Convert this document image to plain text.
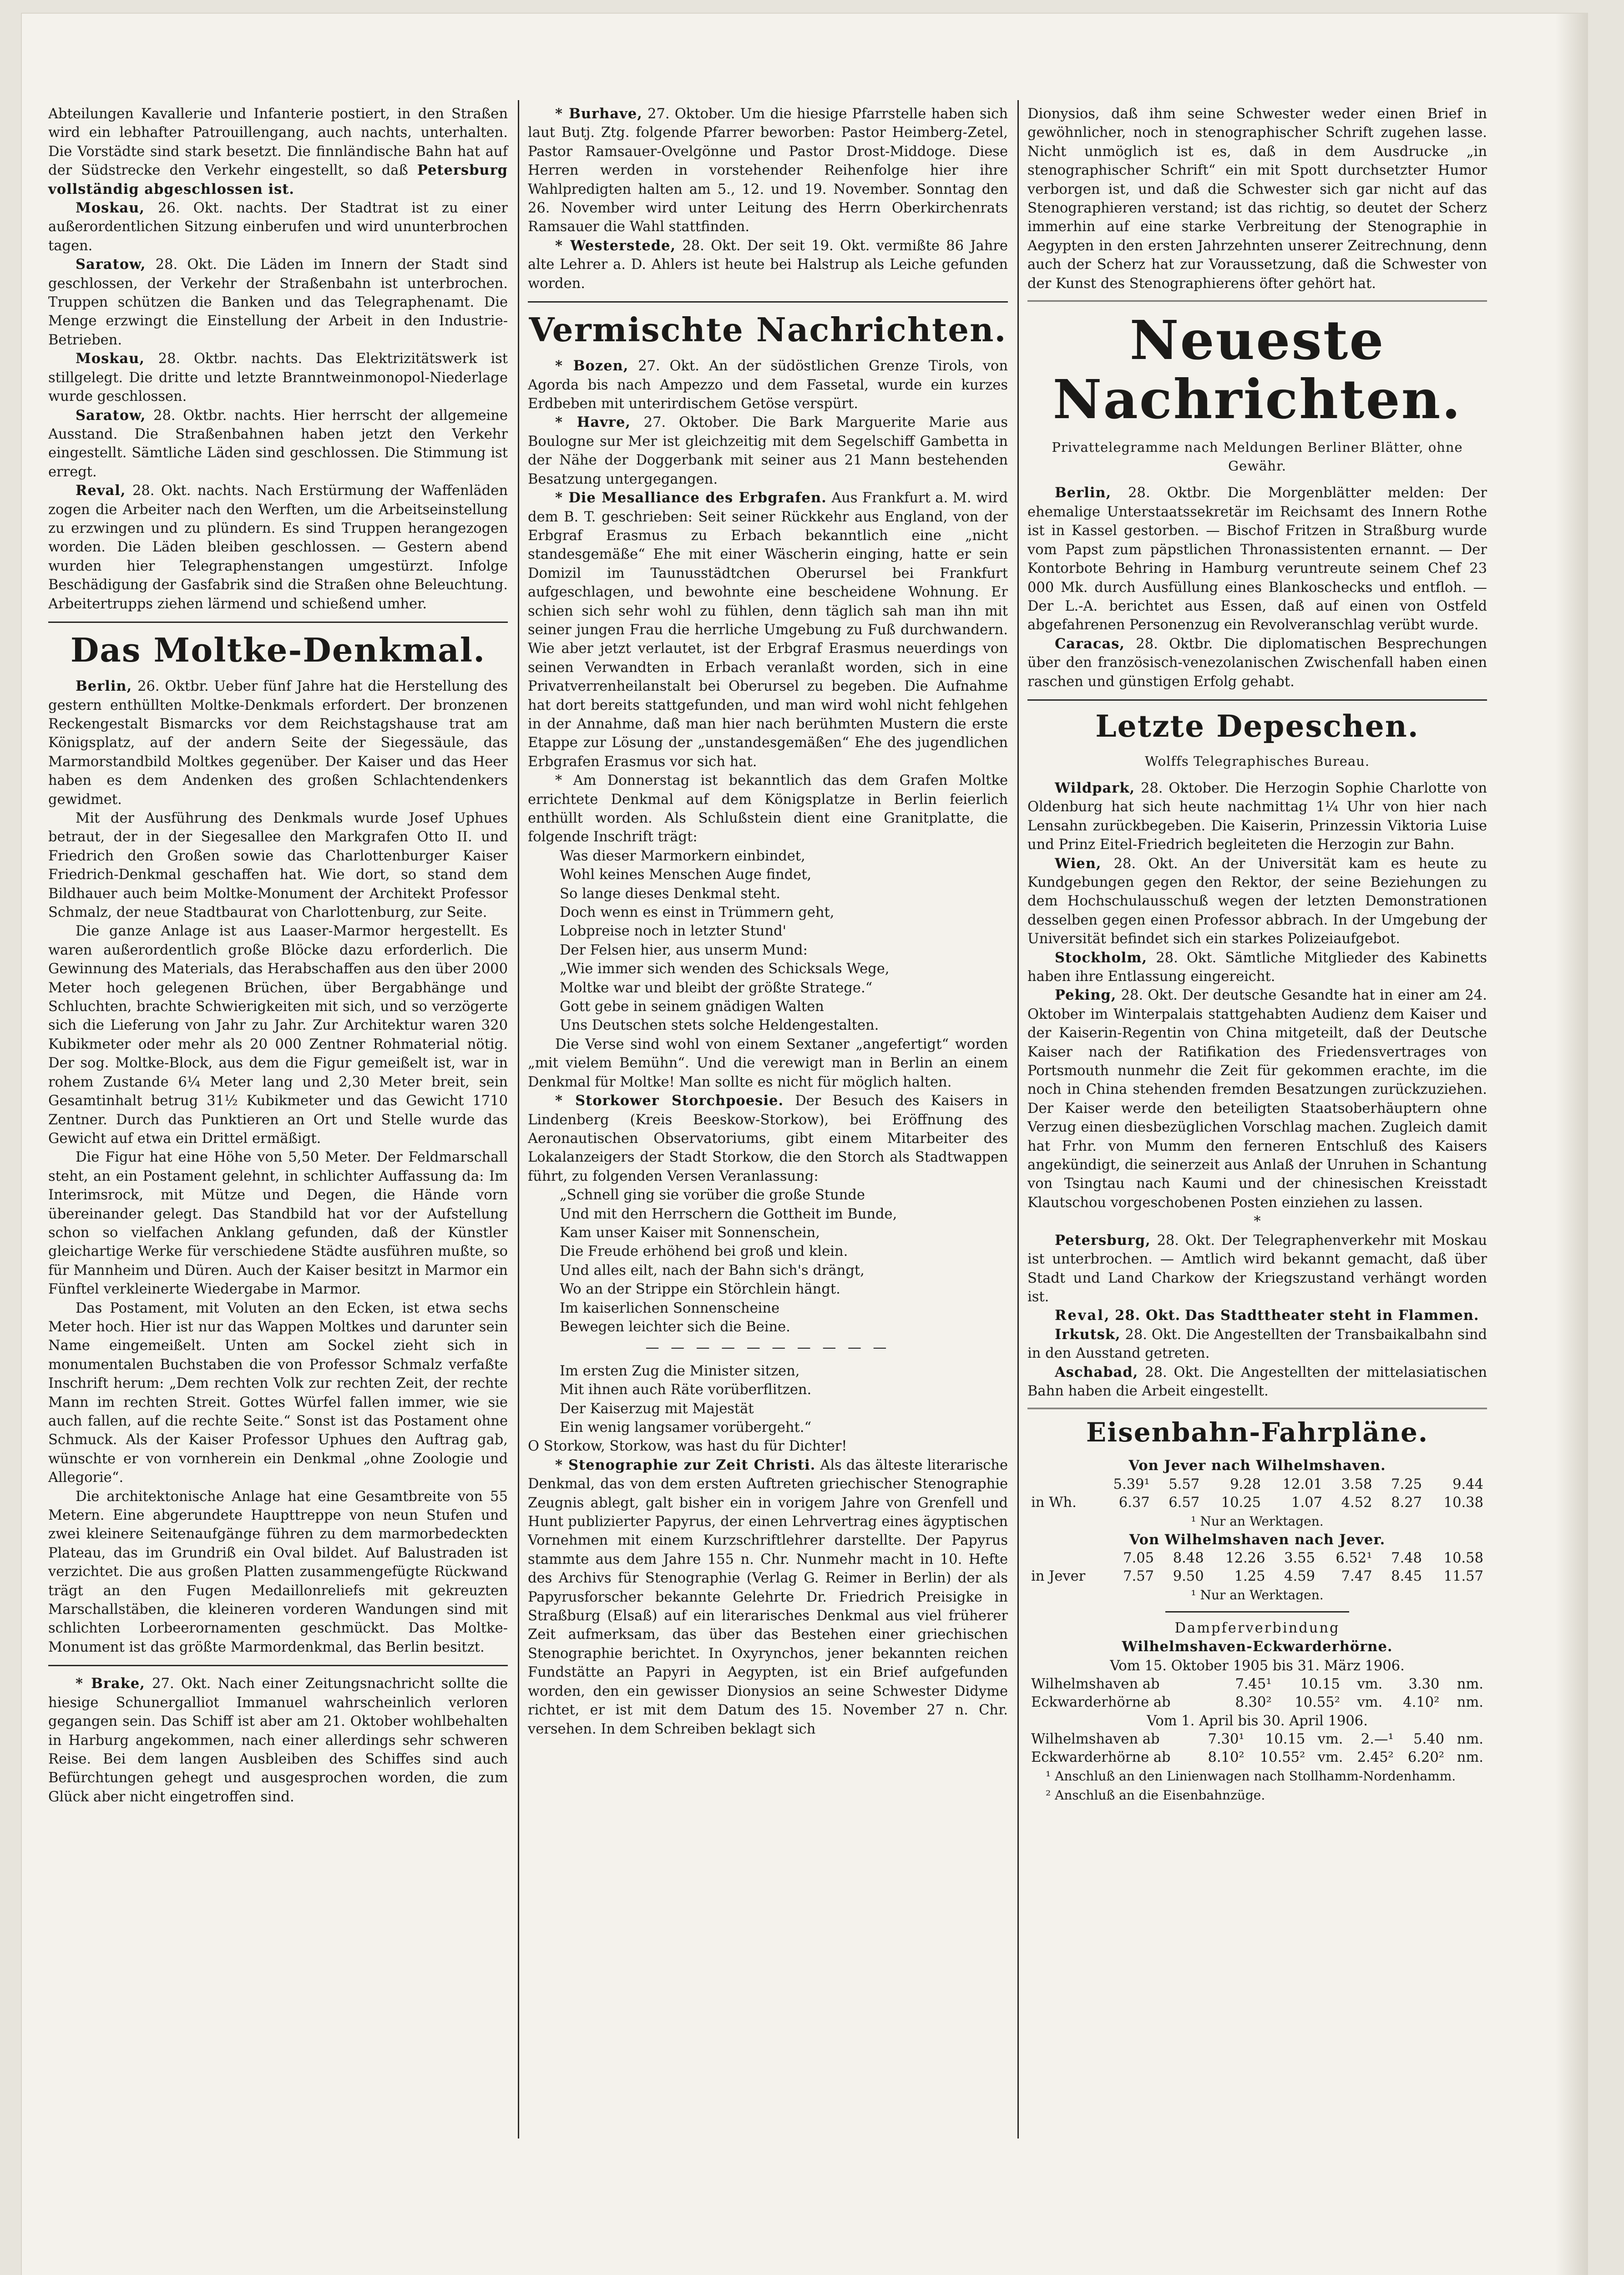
Abteilungen Kavallerie und Infanterie postiert, in den Straßen wird ein lebhafter Patrouillengang, auch nachts, unterhalten. Die Vorstädte sind stark besetzt. Die finnländische Bahn hat auf der Südstrecke den Verkehr eingestellt, so daß Petersburg vollständig abgeschlossen ist.

Moskau, 26. Okt. nachts. Der Stadtrat ist zu einer außerordentlichen Sitzung einberufen und wird ununterbrochen tagen.

Saratow, 28. Okt. Die Läden im Innern der Stadt sind geschlossen, der Verkehr der Straßenbahn ist unterbrochen. Truppen schützen die Banken und das Telegraphenamt. Die Menge erzwingt die Einstellung der Arbeit in den Industrie-Betrieben.

Moskau, 28. Oktbr. nachts. Das Elektrizitätswerk ist stillgelegt. Die dritte und letzte Branntweinmonopol-Niederlage wurde geschlossen.

Saratow, 28. Oktbr. nachts. Hier herrscht der allgemeine Ausstand. Die Straßenbahnen haben jetzt den Verkehr eingestellt. Sämtliche Läden sind geschlossen. Die Stimmung ist erregt.

Reval, 28. Okt. nachts. Nach Erstürmung der Waffenläden zogen die Arbeiter nach den Werften, um die Arbeitseinstellung zu erzwingen und zu plündern. Es sind Truppen herangezogen worden. Die Läden bleiben geschlossen. — Gestern abend wurden hier Telegraphenstangen umgestürzt. Infolge Beschädigung der Gasfabrik sind die Straßen ohne Beleuchtung. Arbeitertrupps ziehen lärmend und schießend umher.

Das Moltke-Denkmal.

Berlin, 26. Oktbr. Ueber fünf Jahre hat die Herstellung des gestern enthüllten Moltke-Denkmals erfordert. Der bronzenen Reckengestalt Bismarcks vor dem Reichstagshause trat am Königsplatz, auf der andern Seite der Siegessäule, das Marmorstandbild Moltkes gegenüber. Der Kaiser und das Heer haben es dem Andenken des großen Schlachtendenkers gewidmet.

Mit der Ausführung des Denkmals wurde Josef Uphues betraut, der in der Siegesallee den Markgrafen Otto II. und Friedrich den Großen sowie das Charlottenburger Kaiser Friedrich-Denkmal geschaffen hat. Wie dort, so stand dem Bildhauer auch beim Moltke-Monument der Architekt Professor Schmalz, der neue Stadtbaurat von Charlottenburg, zur Seite.

Die ganze Anlage ist aus Laaser-Marmor hergestellt. Es waren außerordentlich große Blöcke dazu erforderlich. Die Gewinnung des Materials, das Herabschaffen aus den über 2000 Meter hoch gelegenen Brüchen, über Bergabhänge und Schluchten, brachte Schwierigkeiten mit sich, und so verzögerte sich die Lieferung von Jahr zu Jahr. Zur Architektur waren 320 Kubikmeter oder mehr als 20 000 Zentner Rohmaterial nötig. Der sog. Moltke-Block, aus dem die Figur gemeißelt ist, war in rohem Zustande 6¼ Meter lang und 2,30 Meter breit, sein Gesamtinhalt betrug 31½ Kubikmeter und das Gewicht 1710 Zentner. Durch das Punktieren an Ort und Stelle wurde das Gewicht auf etwa ein Drittel ermäßigt.

Die Figur hat eine Höhe von 5,50 Meter. Der Feldmarschall steht, an ein Postament gelehnt, in schlichter Auffassung da: Im Interimsrock, mit Mütze und Degen, die Hände vorn übereinander gelegt. Das Standbild hat vor der Aufstellung schon so vielfachen Anklang gefunden, daß der Künstler gleichartige Werke für verschiedene Städte ausführen mußte, so für Mannheim und Düren. Auch der Kaiser besitzt in Marmor ein Fünftel verkleinerte Wiedergabe in Marmor.

Das Postament, mit Voluten an den Ecken, ist etwa sechs Meter hoch. Hier ist nur das Wappen Moltkes und darunter sein Name eingemeißelt. Unten am Sockel zieht sich in monumentalen Buchstaben die von Professor Schmalz verfaßte Inschrift herum: „Dem rechten Volk zur rechten Zeit, der rechte Mann im rechten Streit. Gottes Würfel fallen immer, wie sie auch fallen, auf die rechte Seite.“ Sonst ist das Postament ohne Schmuck. Als der Kaiser Professor Uphues den Auftrag gab, wünschte er von vornherein ein Denkmal „ohne Zoologie und Allegorie“.

Die architektonische Anlage hat eine Gesamtbreite von 55 Metern. Eine abgerundete Haupttreppe von neun Stufen und zwei kleinere Seitenaufgänge führen zu dem marmorbedeckten Plateau, das im Grundriß ein Oval bildet. Auf Balustraden ist verzichtet. Die aus großen Platten zusammengefügte Rückwand trägt an den Fugen Medaillonreliefs mit gekreuzten Marschallstäben, die kleineren vorderen Wandungen sind mit schlichten Lorbeerornamenten geschmückt. Das Moltke-Monument ist das größte Marmordenkmal, das Berlin besitzt.

* Brake, 27. Okt. Nach einer Zeitungsnachricht sollte die hiesige Schunergalliot Immanuel wahrscheinlich verloren gegangen sein. Das Schiff ist aber am 21. Oktober wohlbehalten in Harburg angekommen, nach einer allerdings sehr schweren Reise. Bei dem langen Ausbleiben des Schiffes sind auch Befürchtungen gehegt und ausgesprochen worden, die zum Glück aber nicht eingetroffen sind.

* Burhave, 27. Oktober. Um die hiesige Pfarrstelle haben sich laut Butj. Ztg. folgende Pfarrer beworben: Pastor Heimberg-Zetel, Pastor Ramsauer-Ovelgönne und Pastor Drost-Middoge. Diese Herren werden in vorstehender Reihenfolge hier ihre Wahlpredigten halten am 5., 12. und 19. November. Sonntag den 26. November wird unter Leitung des Herrn Oberkirchenrats Ramsauer die Wahl stattfinden.

* Westerstede, 28. Okt. Der seit 19. Okt. vermißte 86 Jahre alte Lehrer a. D. Ahlers ist heute bei Halstrup als Leiche gefunden worden.

Vermischte Nachrichten.

* Bozen, 27. Okt. An der südöstlichen Grenze Tirols, von Agorda bis nach Ampezzo und dem Fassetal, wurde ein kurzes Erdbeben mit unterirdischem Getöse verspürt.

* Havre, 27. Oktober. Die Bark Marguerite Marie aus Boulogne sur Mer ist gleichzeitig mit dem Segelschiff Gambetta in der Nähe der Doggerbank mit seiner aus 21 Mann bestehenden Besatzung untergegangen.

* Die Mesalliance des Erbgrafen. Aus Frankfurt a. M. wird dem B. T. geschrieben: Seit seiner Rückkehr aus England, von der Erbgraf Erasmus zu Erbach bekanntlich eine „nicht standesgemäße“ Ehe mit einer Wäscherin einging, hatte er sein Domizil im Taunusstädtchen Oberursel bei Frankfurt aufgeschlagen, und bewohnte eine bescheidene Wohnung. Er schien sich sehr wohl zu fühlen, denn täglich sah man ihn mit seiner jungen Frau die herrliche Umgebung zu Fuß durchwandern. Wie aber jetzt verlautet, ist der Erbgraf Erasmus neuerdings von seinen Verwandten in Erbach veranlaßt worden, sich in eine Privatverrenheilanstalt bei Oberursel zu begeben. Die Aufnahme hat dort bereits stattgefunden, und man wird wohl nicht fehlgehen in der Annahme, daß man hier nach berühmten Mustern die erste Etappe zur Lösung der „unstandesgemäßen“ Ehe des jugendlichen Erbgrafen Erasmus vor sich hat.

* Am Donnerstag ist bekanntlich das dem Grafen Moltke errichtete Denkmal auf dem Königsplatze in Berlin feierlich enthüllt worden. Als Schlußstein dient eine Granitplatte, die folgende Inschrift trägt:

Was dieser Marmorkern einbindet,
Wohl keines Menschen Auge findet,
So lange dieses Denkmal steht.
Doch wenn es einst in Trümmern geht,
Lobpreise noch in letzter Stund'
Der Felsen hier, aus unserm Mund:
„Wie immer sich wenden des Schicksals Wege,
Moltke war und bleibt der größte Stratege.“
Gott gebe in seinem gnädigen Walten
Uns Deutschen stets solche Heldengestalten.

Die Verse sind wohl von einem Sextaner „angefertigt“ worden „mit vielem Bemühn“. Und die verewigt man in Berlin an einem Denkmal für Moltke! Man sollte es nicht für möglich halten.

* Storkower Storchpoesie. Der Besuch des Kaisers in Lindenberg (Kreis Beeskow-Storkow), bei Eröffnung des Aeronautischen Observatoriums, gibt einem Mitarbeiter des Lokalanzeigers der Stadt Storkow, die den Storch als Stadtwappen führt, zu folgenden Versen Veranlassung:

„Schnell ging sie vorüber die große Stunde
Und mit den Herrschern die Gottheit im Bunde,
Kam unser Kaiser mit Sonnenschein,
Die Freude erhöhend bei groß und klein.
Und alles eilt, nach der Bahn sich's drängt,
Wo an der Strippe ein Störchlein hängt.
Im kaiserlichen Sonnenscheine
Bewegen leichter sich die Beine.
— — — — — — — — — —
Im ersten Zug die Minister sitzen,
Mit ihnen auch Räte vorüberflitzen.
Der Kaiserzug mit Majestät
Ein wenig langsamer vorübergeht.“

O Storkow, Storkow, was hast du für Dichter!

* Stenographie zur Zeit Christi. Als das älteste literarische Denkmal, das von dem ersten Auftreten griechischer Stenographie Zeugnis ablegt, galt bisher ein in vorigem Jahre von Grenfell und Hunt publizierter Papyrus, der einen Lehrvertrag eines ägyptischen Vornehmen mit einem Kurzschriftlehrer darstellte. Der Papyrus stammte aus dem Jahre 155 n. Chr. Nunmehr macht in 10. Hefte des Archivs für Stenographie (Verlag G. Reimer in Berlin) der als Papyrusforscher bekannte Gelehrte Dr. Friedrich Preisigke in Straßburg (Elsaß) auf ein literarisches Denkmal aus viel früherer Zeit aufmerksam, das über das Bestehen einer griechischen Stenographie berichtet. In Oxyrynchos, jener bekannten reichen Fundstätte an Papyri in Aegypten, ist ein Brief aufgefunden worden, den ein gewisser Dionysios an seine Schwester Didyme richtet, er ist mit dem Datum des 15. November 27 n. Chr. versehen. In dem Schreiben beklagt sich

Dionysios, daß ihm seine Schwester weder einen Brief in gewöhnlicher, noch in stenographischer Schrift zugehen lasse. Nicht unmöglich ist es, daß in dem Ausdrucke „in stenographischer Schrift“ ein mit Spott durchsetzter Humor verborgen ist, und daß die Schwester sich gar nicht auf das Stenographieren verstand; ist das richtig, so deutet der Scherz immerhin auf eine starke Verbreitung der Stenographie in Aegypten in den ersten Jahrzehnten unserer Zeitrechnung, denn auch der Scherz hat zur Voraussetzung, daß die Schwester von der Kunst des Stenographierens öfter gehört hat.

Neueste Nachrichten.
Privattelegramme nach Meldungen Berliner Blätter, ohne Gewähr.

Berlin, 28. Oktbr. Die Morgenblätter melden: Der ehemalige Unterstaatssekretär im Reichsamt des Innern Rothe ist in Kassel gestorben. — Bischof Fritzen in Straßburg wurde vom Papst zum päpstlichen Thronassistenten ernannt. — Der Kontorbote Behring in Hamburg veruntreute seinem Chef 23 000 Mk. durch Ausfüllung eines Blankoschecks und entfloh. — Der L.-A. berichtet aus Essen, daß auf einen von Ostfeld abgefahrenen Personenzug ein Revolveranschlag verübt wurde.

Caracas, 28. Oktbr. Die diplomatischen Besprechungen über den französisch-venezolanischen Zwischenfall haben einen raschen und günstigen Erfolg gehabt.

Letzte Depeschen.
Wolffs Telegraphisches Bureau.

Wildpark, 28. Oktober. Die Herzogin Sophie Charlotte von Oldenburg hat sich heute nachmittag 1¼ Uhr von hier nach Lensahn zurückbegeben. Die Kaiserin, Prinzessin Viktoria Luise und Prinz Eitel-Friedrich begleiteten die Herzogin zur Bahn.

Wien, 28. Okt. An der Universität kam es heute zu Kundgebungen gegen den Rektor, der seine Beziehungen zu dem Hochschulausschuß wegen der letzten Demonstrationen desselben gegen einen Professor abbrach. In der Umgebung der Universität befindet sich ein starkes Polizeiaufgebot.

Stockholm, 28. Okt. Sämtliche Mitglieder des Kabinetts haben ihre Entlassung eingereicht.

Peking, 28. Okt. Der deutsche Gesandte hat in einer am 24. Oktober im Winterpalais stattgehabten Audienz dem Kaiser und der Kaiserin-Regentin von China mitgeteilt, daß der Deutsche Kaiser nach der Ratifikation des Friedensvertrages von Portsmouth nunmehr die Zeit für gekommen erachte, im die noch in China stehenden fremden Besatzungen zurückzuziehen. Der Kaiser werde den beteiligten Staatsoberhäuptern ohne Verzug einen diesbezüglichen Vorschlag machen. Zugleich damit hat Frhr. von Mumm den ferneren Entschluß des Kaisers angekündigt, die seinerzeit aus Anlaß der Unruhen in Schantung von Tsingtau nach Kaumi und der chinesischen Kreisstadt Klautschou vorgeschobenen Posten einziehen zu lassen.

*

Petersburg, 28. Okt. Der Telegraphenverkehr mit Moskau ist unterbrochen. — Amtlich wird bekannt gemacht, daß über Stadt und Land Charkow der Kriegszustand verhängt worden ist.

Reval, 28. Okt. Das Stadttheater steht in Flammen.

Irkutsk, 28. Okt. Die Angestellten der Transbaikalbahn sind in den Ausstand getreten.

Aschabad, 28. Okt. Die Angestellten der mittelasiatischen Bahn haben die Arbeit eingestellt.

Eisenbahn-Fahrpläne.
Von Jever nach Wilhelmshaven.
	5.39¹	5.57	9.28	12.01	3.58	7.25	9.44
in Wh.	6.37	6.57	10.25	1.07	4.52	8.27	10.38
¹ Nur an Werktagen.
Von Wilhelmshaven nach Jever.
	7.05	8.48	12.26	3.55	6.52¹	7.48	10.58
in Jever	7.57	9.50	1.25	4.59	7.47	8.45	11.57
¹ Nur an Werktagen.
Dampferverbindung
Wilhelmshaven-Eckwarderhörne.
Vom 15. Oktober 1905 bis 31. März 1906.
Wilhelmshaven ab	7.45¹	10.15	vm.	3.30	nm.
Eckwarderhörne ab	8.30²	10.55²	vm.	4.10²	nm.
Vom 1. April bis 30. April 1906.
Wilhelmshaven ab	7.30¹	10.15	vm.	2.—¹	5.40	nm.
Eckwarderhörne ab	8.10²	10.55²	vm.	2.45²	6.20²	nm.
¹ Anschluß an den Linienwagen nach Stollhamm-Nordenhamm.
² Anschluß an die Eisenbahnzüge.
